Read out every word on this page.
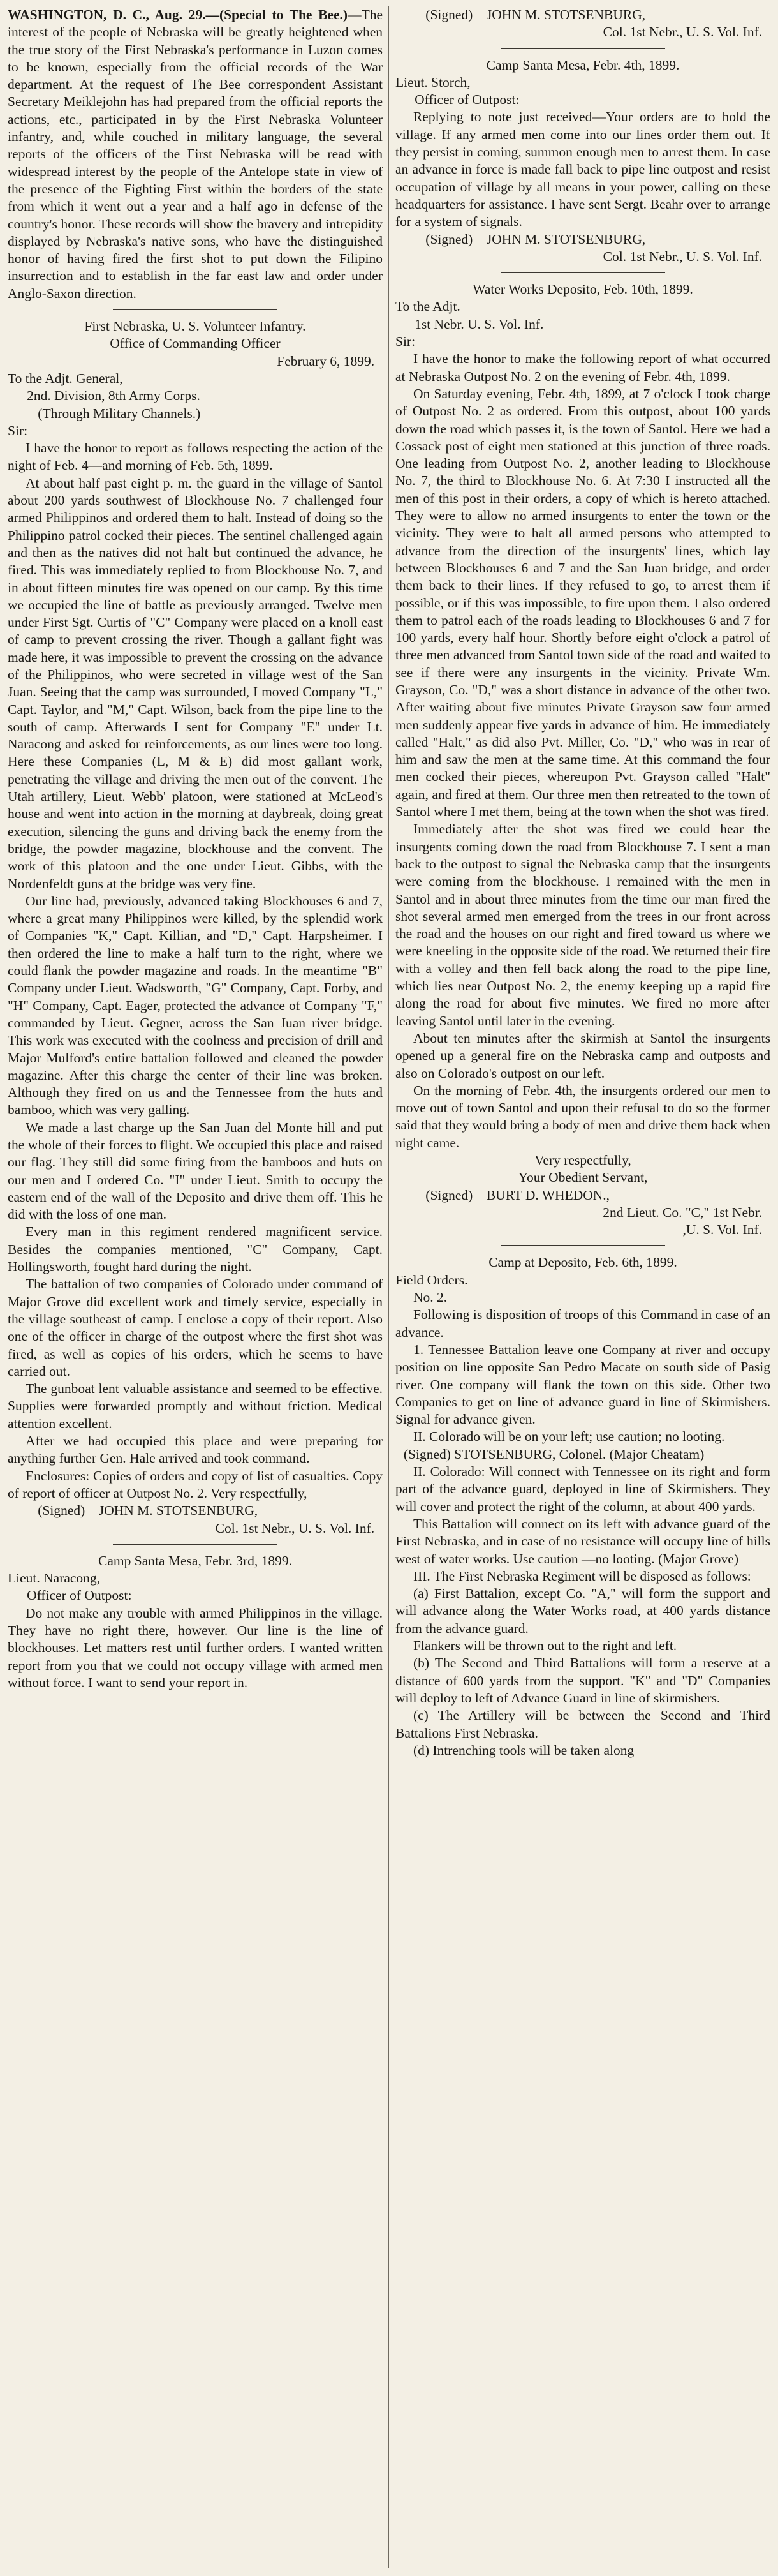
WASHINGTON, D. C., Aug. 29.—(Special to The Bee.)—The interest of the people of Nebraska will be greatly heightened when the true story of the First Nebraska's performance in Luzon comes to be known, especially from the official records of the War department. At the request of The Bee correspondent Assistant Secretary Meiklejohn has had prepared from the official reports the actions, etc., participated in by the First Nebraska Volunteer infantry, and, while couched in military language, the several reports of the officers of the First Nebraska will be read with widespread interest by the people of the Antelope state in view of the presence of the Fighting First within the borders of the state from which it went out a year and a half ago in defense of the country's honor. These records will show the bravery and intrepidity displayed by Nebraska's native sons, who have the distinguished honor of having fired the first shot to put down the Filipino insurrection and to establish in the far east law and order under Anglo-Saxon direction.

First Nebraska, U. S. Volunteer Infantry.

Office of Commanding Officer

February 6, 1899.

To the Adjt. General,

2nd. Division, 8th Army Corps.

(Through Military Channels.)

Sir:

I have the honor to report as follows respecting the action of the night of Feb. 4—and morning of Feb. 5th, 1899.

At about half past eight p. m. the guard in the village of Santol about 200 yards southwest of Blockhouse No. 7 challenged four armed Philippinos and ordered them to halt. Instead of doing so the Philippino patrol cocked their pieces. The sentinel challenged again and then as the natives did not halt but continued the advance, he fired. This was immediately replied to from Blockhouse No. 7, and in about fifteen minutes fire was opened on our camp. By this time we occupied the line of battle as previously arranged. Twelve men under First Sgt. Curtis of "C" Company were placed on a knoll east of camp to prevent crossing the river. Though a gallant fight was made here, it was impossible to prevent the crossing on the advance of the Philippinos, who were secreted in village west of the San Juan. Seeing that the camp was surrounded, I moved Company "L," Capt. Taylor, and "M," Capt. Wilson, back from the pipe line to the south of camp. Afterwards I sent for Company "E" under Lt. Naracong and asked for reinforcements, as our lines were too long. Here these Companies (L, M & E) did most gallant work, penetrating the village and driving the men out of the convent. The Utah artillery, Lieut. Webb' platoon, were stationed at McLeod's house and went into action in the morning at daybreak, doing great execution, silencing the guns and driving back the enemy from the bridge, the powder magazine, blockhouse and the convent. The work of this platoon and the one under Lieut. Gibbs, with the Nordenfeldt guns at the bridge was very fine.

Our line had, previously, advanced taking Blockhouses 6 and 7, where a great many Philippinos were killed, by the splendid work of Companies "K," Capt. Killian, and "D," Capt. Harpsheimer. I then ordered the line to make a half turn to the right, where we could flank the powder magazine and roads. In the meantime "B" Company under Lieut. Wadsworth, "G" Company, Capt. Forby, and "H" Company, Capt. Eager, protected the advance of Company "F," commanded by Lieut. Gegner, across the San Juan river bridge. This work was executed with the coolness and precision of drill and Major Mulford's entire battalion followed and cleaned the powder magazine. After this charge the center of their line was broken. Although they fired on us and the Tennessee from the huts and bamboo, which was very galling.

We made a last charge up the San Juan del Monte hill and put the whole of their forces to flight. We occupied this place and raised our flag. They still did some firing from the bamboos and huts on our men and I ordered Co. "I" under Lieut. Smith to occupy the eastern end of the wall of the Deposito and drive them off. This he did with the loss of one man.

Every man in this regiment rendered magnificent service. Besides the companies mentioned, "C" Company, Capt. Hollingsworth, fought hard during the night.

The battalion of two companies of Colorado under command of Major Grove did excellent work and timely service, especially in the village southeast of camp. I enclose a copy of their report. Also one of the officer in charge of the outpost where the first shot was fired, as well as copies of his orders, which he seems to have carried out.

The gunboat lent valuable assistance and seemed to be effective. Supplies were forwarded promptly and without friction. Medical attention excellent.

After we had occupied this place and were preparing for anything further Gen. Hale arrived and took command.

Enclosures: Copies of orders and copy of list of casualties. Copy of report of officer at Outpost No. 2. Very respectfully,

(Signed) JOHN M. STOTSENBURG,

Col. 1st Nebr., U. S. Vol. Inf.

Camp Santa Mesa, Febr. 3rd, 1899.

Lieut. Naracong,

Officer of Outpost:

Do not make any trouble with armed Philippinos in the village. They have no right there, however. Our line is the line of blockhouses. Let matters rest until further orders. I wanted written report from you that we could not occupy village with armed men without force. I want to send your report in.

(Signed) JOHN M. STOTSENBURG,

Col. 1st Nebr., U. S. Vol. Inf.

Camp Santa Mesa, Febr. 4th, 1899.

Lieut. Storch,

Officer of Outpost:

Replying to note just received—Your orders are to hold the village. If any armed men come into our lines order them out. If they persist in coming, summon enough men to arrest them. In case an advance in force is made fall back to pipe line outpost and resist occupation of village by all means in your power, calling on these headquarters for assistance. I have sent Sergt. Beahr over to arrange for a system of signals.

(Signed) JOHN M. STOTSENBURG,

Col. 1st Nebr., U. S. Vol. Inf.

Water Works Deposito, Feb. 10th, 1899.

To the Adjt.

1st Nebr. U. S. Vol. Inf.

Sir:

I have the honor to make the following report of what occurred at Nebraska Outpost No. 2 on the evening of Febr. 4th, 1899.

On Saturday evening, Febr. 4th, 1899, at 7 o'clock I took charge of Outpost No. 2 as ordered. From this outpost, about 100 yards down the road which passes it, is the town of Santol. Here we had a Cossack post of eight men stationed at this junction of three roads. One leading from Outpost No. 2, another leading to Blockhouse No. 7, the third to Blockhouse No. 6. At 7:30 I instructed all the men of this post in their orders, a copy of which is hereto attached. They were to allow no armed insurgents to enter the town or the vicinity. They were to halt all armed persons who attempted to advance from the direction of the insurgents' lines, which lay between Blockhouses 6 and 7 and the San Juan bridge, and order them back to their lines. If they refused to go, to arrest them if possible, or if this was impossible, to fire upon them. I also ordered them to patrol each of the roads leading to Blockhouses 6 and 7 for 100 yards, every half hour. Shortly before eight o'clock a patrol of three men advanced from Santol town side of the road and waited to see if there were any insurgents in the vicinity. Private Wm. Grayson, Co. "D," was a short distance in advance of the other two. After waiting about five minutes Private Grayson saw four armed men suddenly appear five yards in advance of him. He immediately called "Halt," as did also Pvt. Miller, Co. "D," who was in rear of him and saw the men at the same time. At this command the four men cocked their pieces, whereupon Pvt. Grayson called "Halt" again, and fired at them. Our three men then retreated to the town of Santol where I met them, being at the town when the shot was fired.

Immediately after the shot was fired we could hear the insurgents coming down the road from Blockhouse 7. I sent a man back to the outpost to signal the Nebraska camp that the insurgents were coming from the blockhouse. I remained with the men in Santol and in about three minutes from the time our man fired the shot several armed men emerged from the trees in our front across the road and the houses on our right and fired toward us where we were kneeling in the opposite side of the road. We returned their fire with a volley and then fell back along the road to the pipe line, which lies near Outpost No. 2, the enemy keeping up a rapid fire along the road for about five minutes. We fired no more after leaving Santol until later in the evening.

About ten minutes after the skirmish at Santol the insurgents opened up a general fire on the Nebraska camp and outposts and also on Colorado's outpost on our left.

On the morning of Febr. 4th, the insurgents ordered our men to move out of town Santol and upon their refusal to do so the former said that they would bring a body of men and drive them back when night came.

Very respectfully,

Your Obedient Servant,

(Signed) BURT D. WHEDON.,

2nd Lieut. Co. "C," 1st Nebr.

,U. S. Vol. Inf.

Camp at Deposito, Feb. 6th, 1899.

Field Orders.

No. 2.

Following is disposition of troops of this Command in case of an advance.

1. Tennessee Battalion leave one Company at river and occupy position on line opposite San Pedro Macate on south side of Pasig river. One company will flank the town on this side. Other two Companies to get on line of advance guard in line of Skirmishers. Signal for advance given.

II. Colorado will be on your left; use caution; no looting.

(Signed) STOTSENBURG, Colonel. (Major Cheatam)

II. Colorado: Will connect with Tennessee on its right and form part of the advance guard, deployed in line of Skirmishers. They will cover and protect the right of the column, at about 400 yards.

This Battalion will connect on its left with advance guard of the First Nebraska, and in case of no resistance will occupy line of hills west of water works. Use caution —no looting. (Major Grove)

III. The First Nebraska Regiment will be disposed as follows:

(a) First Battalion, except Co. "A," will form the support and will advance along the Water Works road, at 400 yards distance from the advance guard.

Flankers will be thrown out to the right and left.

(b) The Second and Third Battalions will form a reserve at a distance of 600 yards from the support. "K" and "D" Companies will deploy to left of Advance Guard in line of skirmishers.

(c) The Artillery will be between the Second and Third Battalions First Nebraska.

(d) Intrenching tools will be taken along
